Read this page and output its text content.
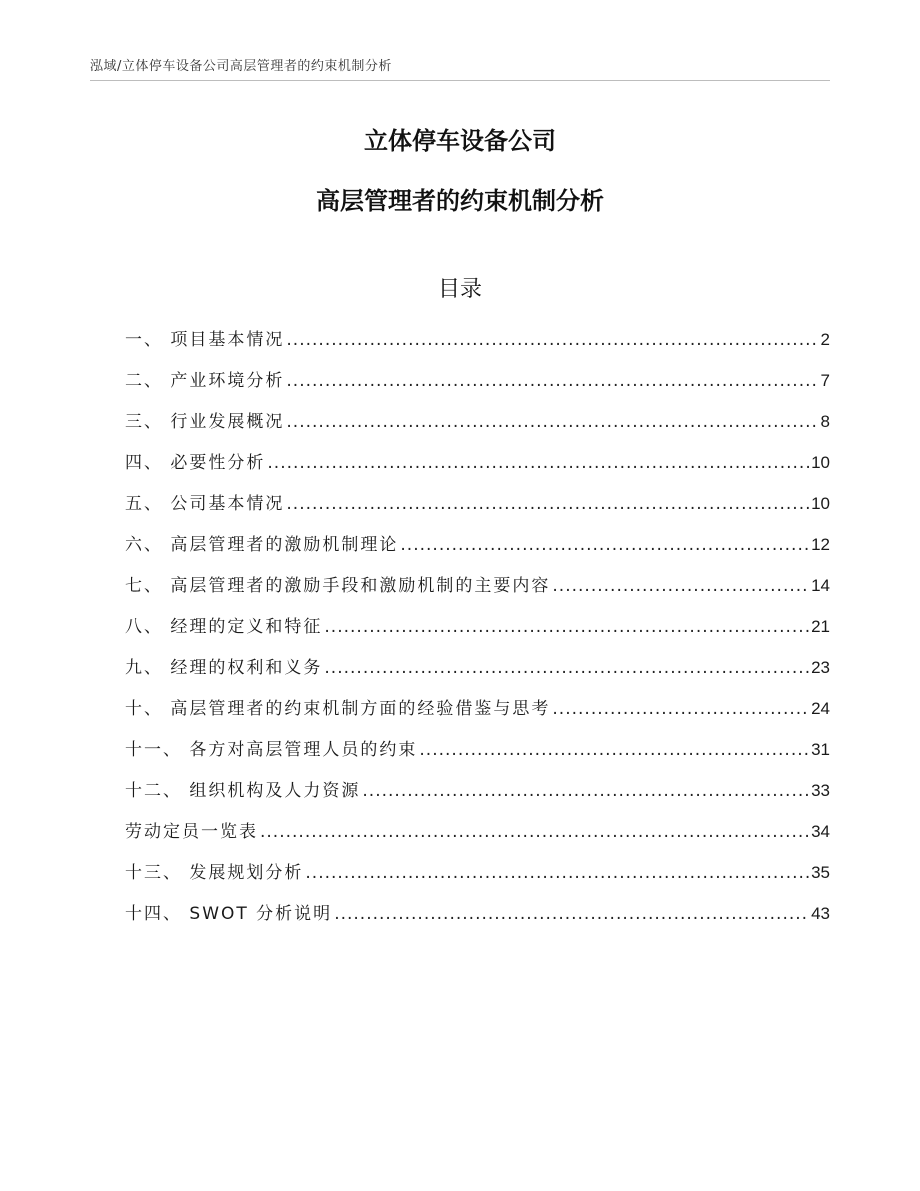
泓域/立体停车设备公司高层管理者的约束机制分析
立体停车设备公司
高层管理者的约束机制分析
目录
一、 项目基本情况 .....	2
二、 产业环境分析 .....	7
三、 行业发展概况 .....	8
四、 必要性分析 .....	10
五、 公司基本情况 .....	10
六、 高层管理者的激励机制理论 .....	12
七、 高层管理者的激励手段和激励机制的主要内容 .....	14
八、 经理的定义和特征 .....	21
九、 经理的权利和义务 .....	23
十、 高层管理者的约束机制方面的经验借鉴与思考 .....	24
十一、 各方对高层管理人员的约束 .....	31
十二、 组织机构及人力资源 .....	33
劳动定员一览表 .....	34
十三、 发展规划分析 .....	35
十四、 SWOT 分析说明 .....	43
